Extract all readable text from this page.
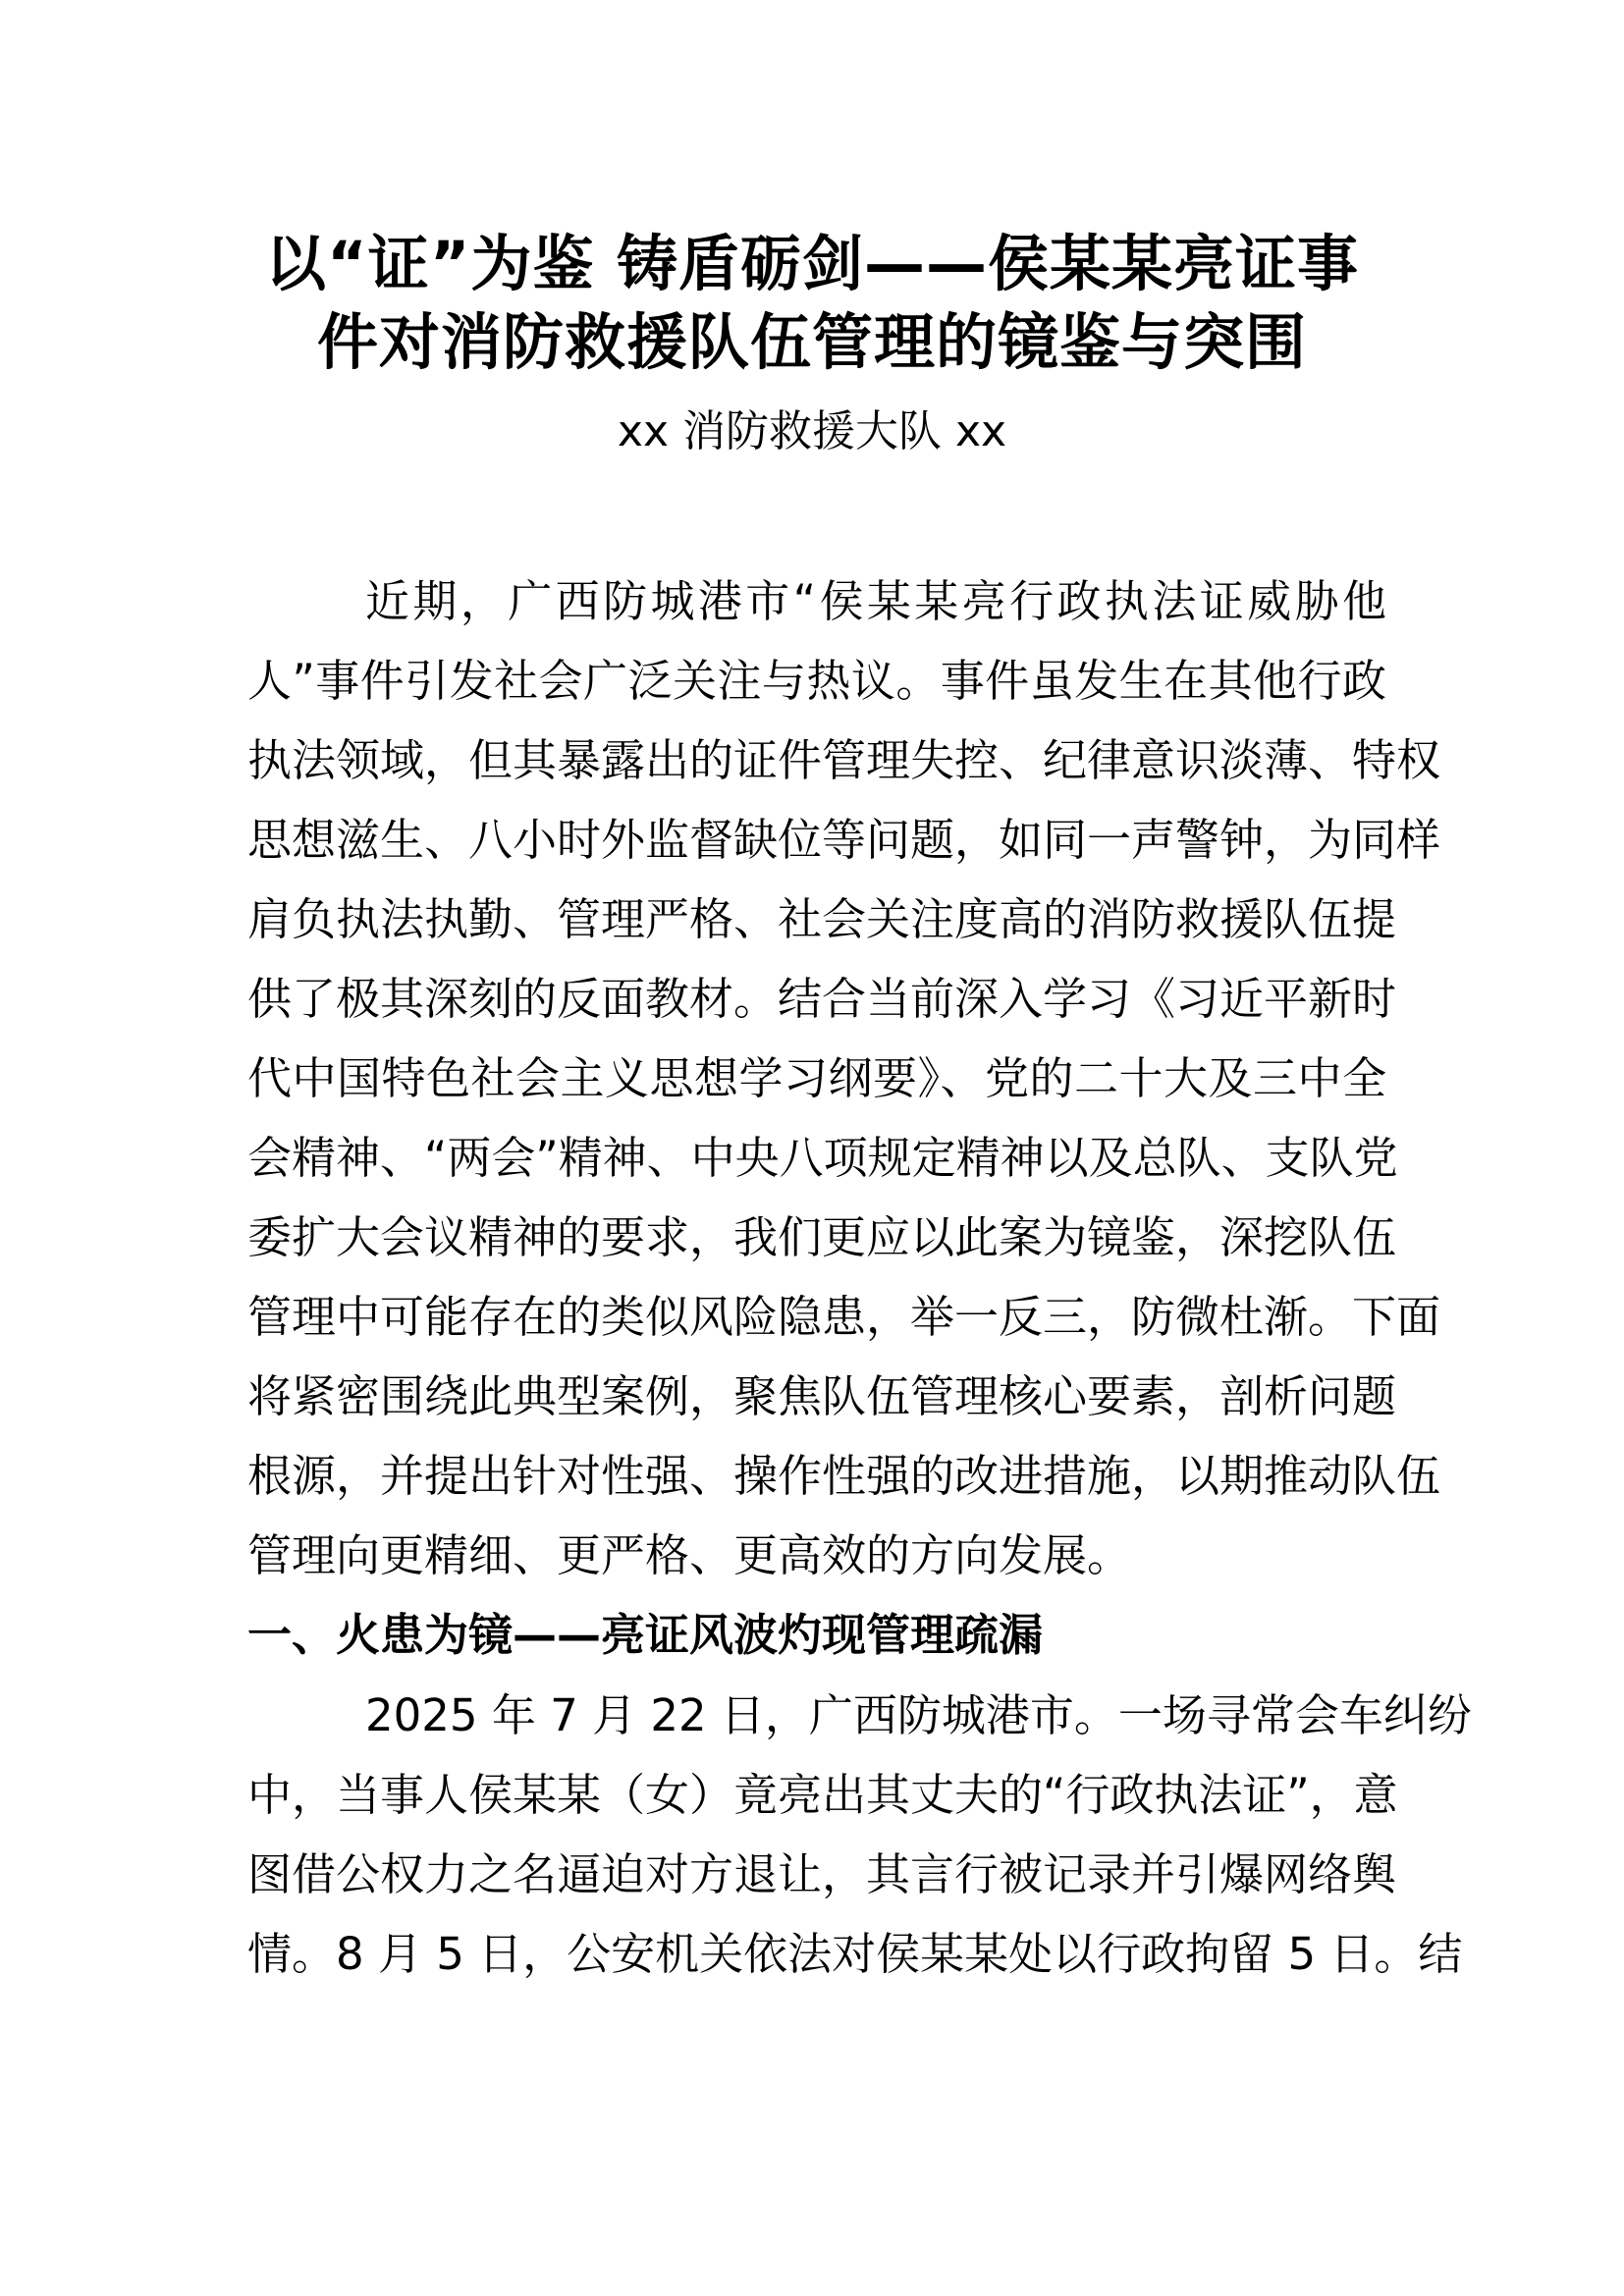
以“证”为鉴 铸盾砺剑——侯某某亮证事
件对消防救援队伍管理的镜鉴与突围
xx 消防救援大队 xx
近期，广西防城港市“侯某某亮行政执法证威胁他
人”事件引发社会广泛关注与热议。事件虽发生在其他行政
执法领域，但其暴露出的证件管理失控、纪律意识淡薄、特权
思想滋生、八小时外监督缺位等问题，如同一声警钟，为同样
肩负执法执勤、管理严格、社会关注度高的消防救援队伍提
供了极其深刻的反面教材。结合当前深入学习《习近平新时
代中国特色社会主义思想学习纲要》、党的二十大及三中全
会精神、“两会”精神、中央八项规定精神以及总队、支队党
委扩大会议精神的要求，我们更应以此案为镜鉴，深挖队伍
管理中可能存在的类似风险隐患，举一反三，防微杜渐。下面
将紧密围绕此典型案例，聚焦队伍管理核心要素，剖析问题
根源，并提出针对性强、操作性强的改进措施，以期推动队伍
管理向更精细、更严格、更高效的方向发展。
一、火患为镜——亮证风波灼现管理疏漏
2025 年 7 月 22 日，广西防城港市。一场寻常会车纠纷
中，当事人侯某某（女）竟亮出其丈夫的“行政执法证”，意
图借公权力之名逼迫对方退让，其言行被记录并引爆网络舆
情。8 月 5 日，公安机关依法对侯某某处以行政拘留 5 日。结
